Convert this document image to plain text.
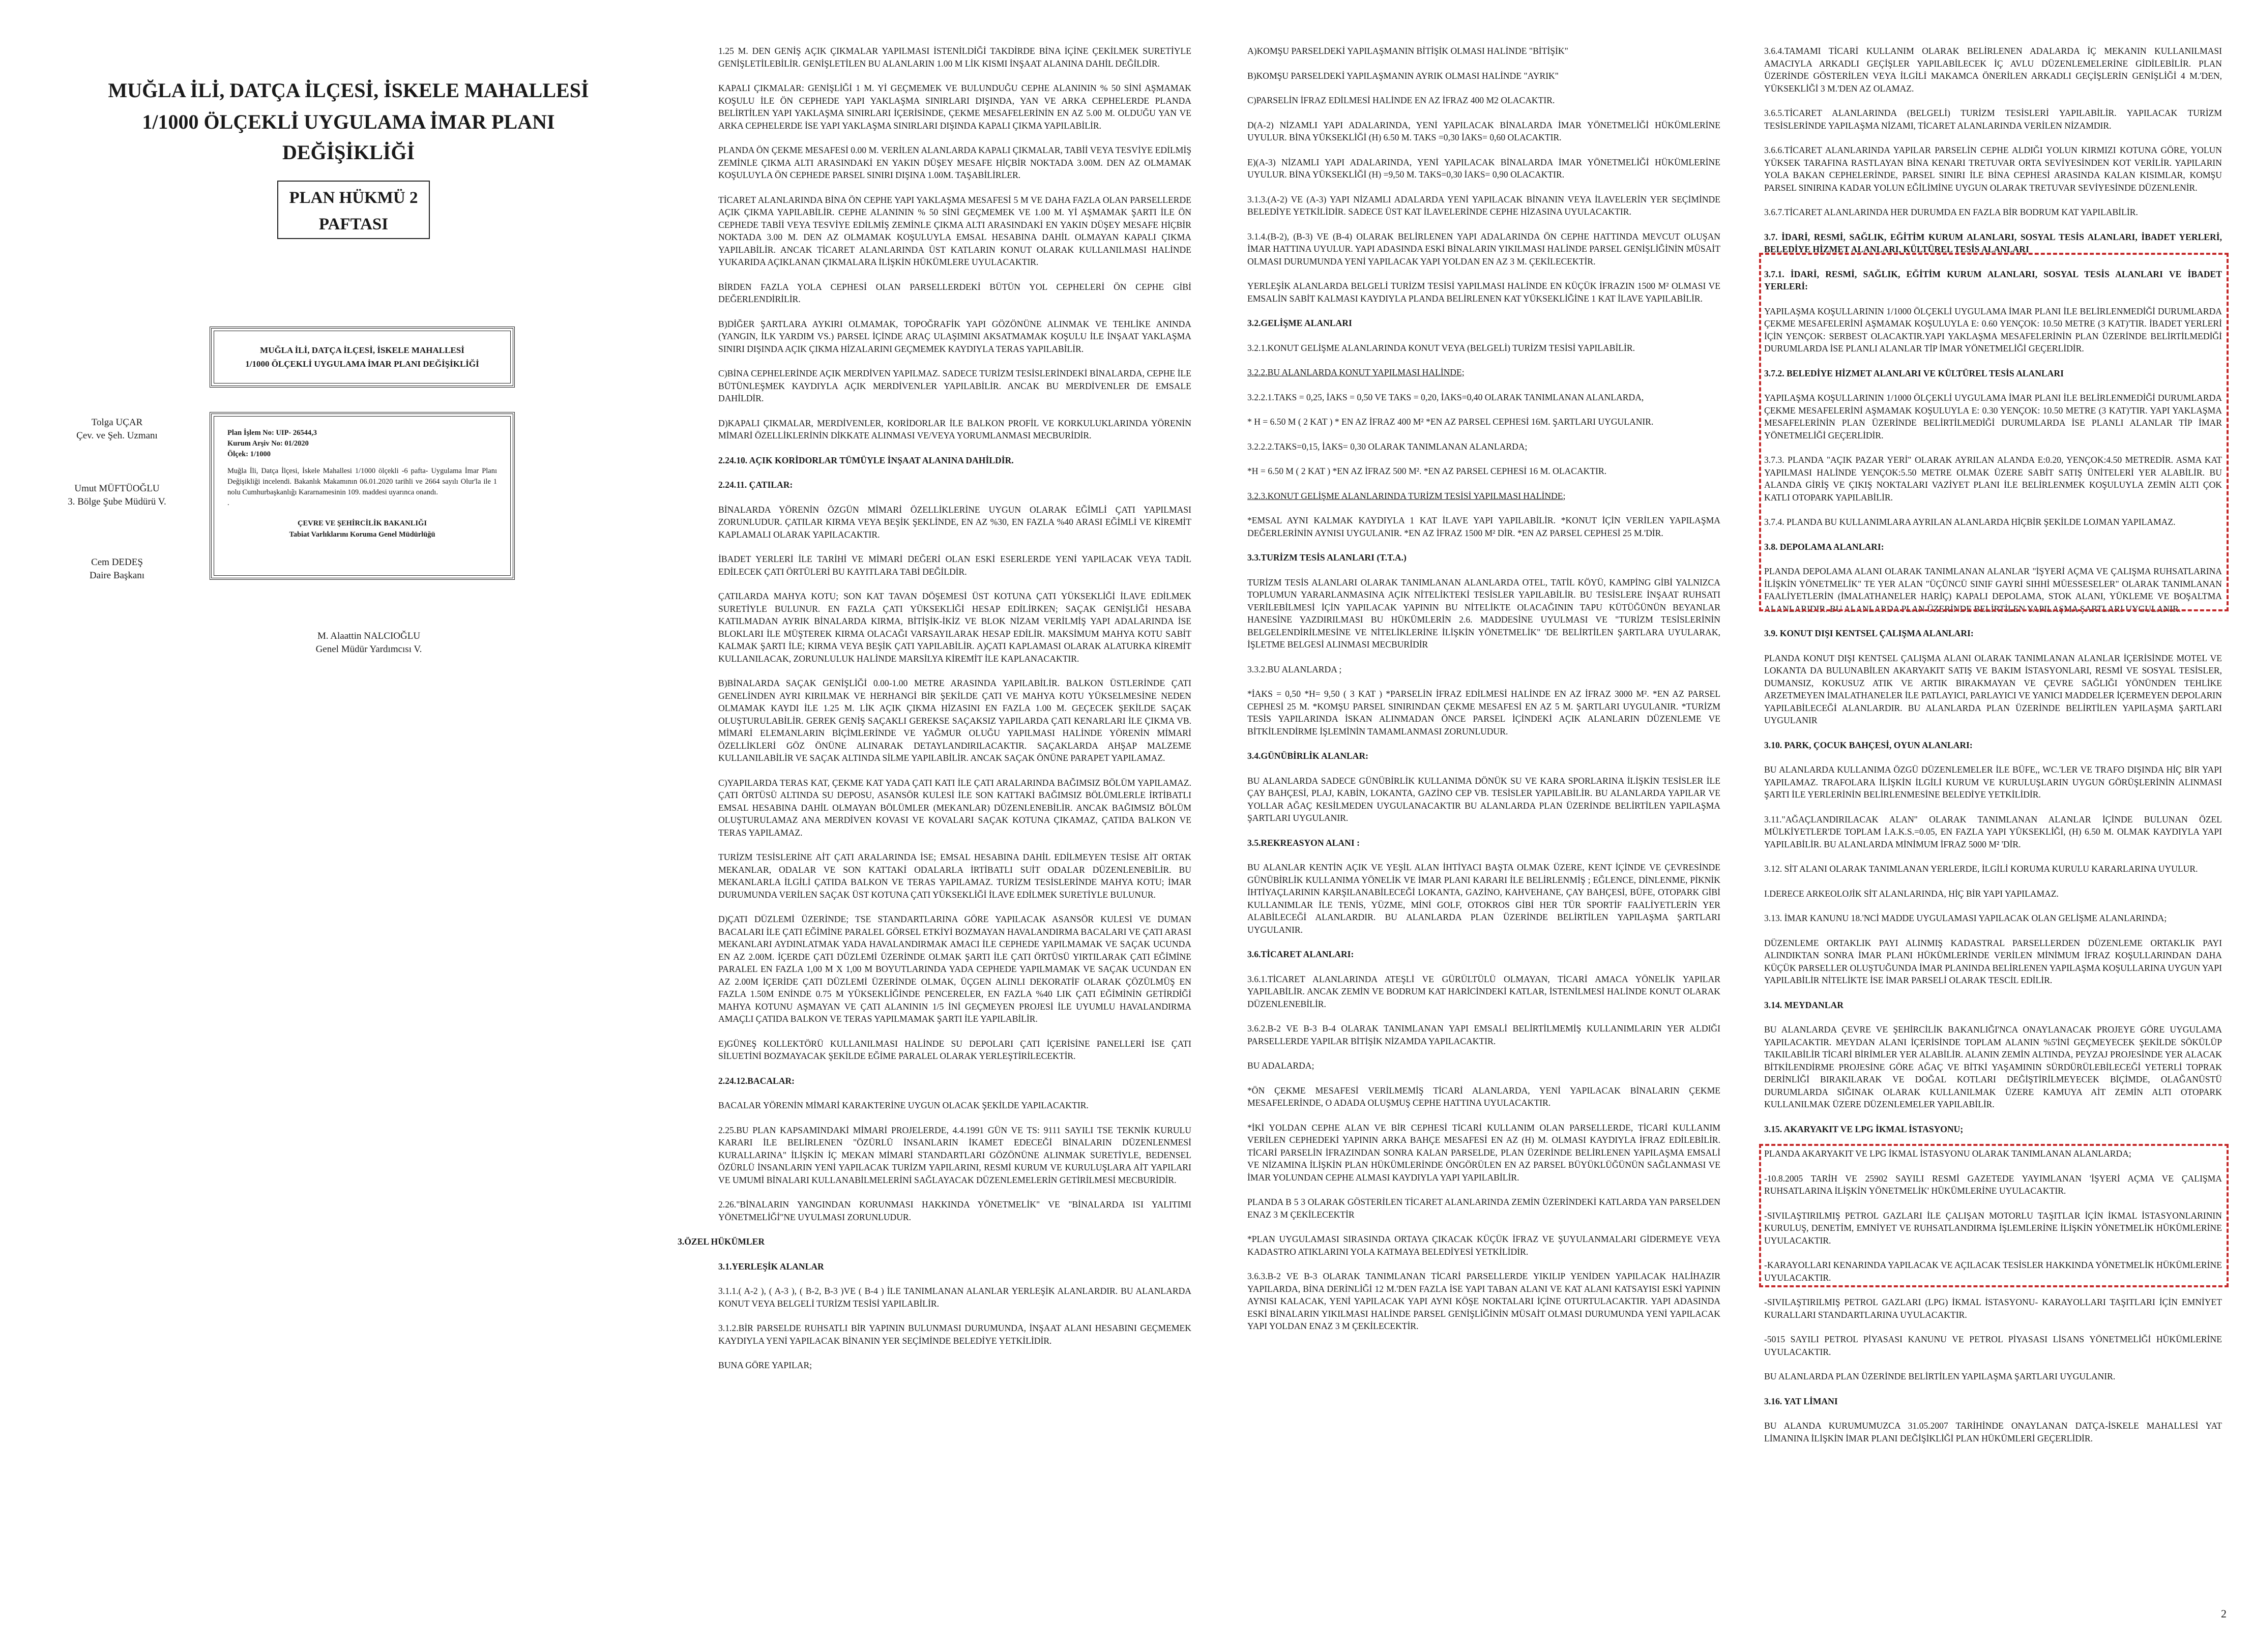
MUĞLA İLİ, DATÇA İLÇESİ, İSKELE MAHALLESİ
1/1000 ÖLÇEKLİ UYGULAMA İMAR PLANI DEĞİŞİKLİĞİ
PLAN HÜKMÜ 2
PAFTASI
MUĞLA İLİ, DATÇA İLÇESİ, İSKELE MAHALLESİ
1/1000 ÖLÇEKLİ UYGULAMA İMAR PLANI DEĞİŞİKLİĞİ
Plan İşlem No: UIP- 26544,3
Kurum Arşiv No: 01/2020
Ölçek: 1/1000
Muğla İli, Datça İlçesi, İskele Mahallesi 1/1000 ölçekli -6 pafta- Uygulama İmar Planı Değişikliği incelendi. Bakanlık Makamının 06.01.2020 tarihli ve 2664 sayılı Olur'la ile 1 nolu Cumhurbaşkanlığı Kararnamesinin 109. maddesi uyarınca onandı.
.
ÇEVRE VE ŞEHİRCİLİK BAKANLIĞI
Tabiat Varlıklarını Koruma Genel Müdürlüğü
Tolga UÇAR
Çev. ve Şeh. Uzmanı
Umut MÜFTÜOĞLU
3. Bölge Şube Müdürü V.
Cem DEDEŞ
Daire Başkanı
M. Alaattin NALCIOĞLU
Genel Müdür Yardımcısı V.

1.25 M. DEN GENİŞ AÇIK ÇIKMALAR YAPILMASI İSTENİLDİĞİ TAKDİRDE BİNA İÇİNE ÇEKİLMEK SURETİYLE GENİŞLETİLEBİLİR. GENİŞLETİLEN BU ALANLARIN 1.00 M LİK KISMI İNŞAAT ALANINA DAHİL DEĞİLDİR.

KAPALI ÇIKMALAR: GENİŞLİĞİ 1 M. Yİ GEÇMEMEK VE BULUNDUĞU CEPHE ALANININ % 50 SİNİ AŞMAMAK KOŞULU İLE ÖN CEPHEDE YAPI YAKLAŞMA SINIRLARI DIŞINDA, YAN VE ARKA CEPHELERDE PLANDA BELİRTİLEN YAPI YAKLAŞMA SINIRLARI İÇERİSİNDE, ÇEKME MESAFELERİNİN EN AZ 5.00 M. OLDUĞU YAN VE ARKA CEPHELERDE İSE YAPI YAKLAŞMA SINIRLARI DIŞINDA KAPALI ÇIKMA YAPILABİLİR.

PLANDA ÖN ÇEKME MESAFESİ 0.00 M. VERİLEN ALANLARDA KAPALI ÇIKMALAR, TABİİ VEYA TESVİYE EDİLMİŞ ZEMİNLE ÇIKMA ALTI ARASINDAKİ EN YAKIN DÜŞEY MESAFE HİÇBİR NOKTADA 3.00M. DEN AZ OLMAMAK KOŞULUYLA ÖN CEPHEDE PARSEL SINIRI DIŞINA 1.00M. TAŞABİLİRLER.

TİCARET ALANLARINDA BİNA ÖN CEPHE YAPI YAKLAŞMA MESAFESİ 5 M VE DAHA FAZLA OLAN PARSELLERDE AÇIK ÇIKMA YAPILABİLİR. CEPHE ALANININ % 50 SİNİ GEÇMEMEK VE 1.00 M. Yİ AŞMAMAK ŞARTI İLE ÖN CEPHEDE TABİİ VEYA TESVİYE EDİLMİŞ ZEMİNLE ÇIKMA ALTI ARASINDAKİ EN YAKIN DÜŞEY MESAFE HİÇBİR NOKTADA 3.00 M. DEN AZ OLMAMAK KOŞULUYLA EMSAL HESABINA DAHİL OLMAYAN KAPALI ÇIKMA YAPILABİLİR. ANCAK TİCARET ALANLARINDA ÜST KATLARIN KONUT OLARAK KULLANILMASI HALİNDE YUKARIDA AÇIKLANAN ÇIKMALARA İLİŞKİN HÜKÜMLERE UYULACAKTIR.

BİRDEN FAZLA YOLA CEPHESİ OLAN PARSELLERDEKİ BÜTÜN YOL CEPHELERİ ÖN CEPHE GİBİ DEĞERLENDİRİLİR.

B)DİĞER ŞARTLARA AYKIRI OLMAMAK, TOPOĞRAFİK YAPI GÖZÖNÜNE ALINMAK VE TEHLİKE ANINDA (YANGIN, İLK YARDIM VS.) PARSEL İÇİNDE ARAÇ ULAŞIMINI AKSATMAMAK KOŞULU İLE İNŞAAT YAKLAŞMA SINIRI DIŞINDA AÇIK ÇIKMA HİZALARINI GEÇMEMEK KAYDIYLA TERAS YAPILABİLİR.

C)BİNA CEPHELERİNDE AÇIK MERDİVEN YAPILMAZ. SADECE TURİZM TESİSLERİNDEKİ BİNALARDA, CEPHE İLE BÜTÜNLEŞMEK KAYDIYLA AÇIK MERDİVENLER YAPILABİLİR. ANCAK BU MERDİVENLER DE EMSALE DAHİLDİR.

D)KAPALI ÇIKMALAR, MERDİVENLER, KORİDORLAR İLE BALKON PROFİL VE KORKULUKLARINDA YÖRENİN MİMARİ ÖZELLİKLERİNİN DİKKATE ALINMASI VE/VEYA YORUMLANMASI MECBURİDİR.

2.24.10. AÇIK KORİDORLAR TÜMÜYLE İNŞAAT ALANINA DAHİLDİR.

2.24.11. ÇATILAR:

BİNALARDA YÖRENİN ÖZGÜN MİMARİ ÖZELLİKLERİNE UYGUN OLARAK EĞİMLİ ÇATI YAPILMASI ZORUNLUDUR. ÇATILAR KIRMA VEYA BEŞİK ŞEKLİNDE, EN AZ %30, EN FAZLA %40 ARASI EĞİMLİ VE KİREMİT KAPLAMALI OLARAK YAPILACAKTIR.

İBADET YERLERİ İLE TARİHİ VE MİMARİ DEĞERİ OLAN ESKİ ESERLERDE YENİ YAPILACAK VEYA TADİL EDİLECEK ÇATI ÖRTÜLERİ BU KAYITLARA TABİ DEĞİLDİR.

ÇATILARDA MAHYA KOTU; SON KAT TAVAN DÖŞEMESİ ÜST KOTUNA ÇATI YÜKSEKLİĞİ İLAVE EDİLMEK SURETİYLE BULUNUR. EN FAZLA ÇATI YÜKSEKLİĞİ HESAP EDİLİRKEN; SAÇAK GENİŞLİĞİ HESABA KATILMADAN AYRIK BİNALARDA KIRMA, BİTİŞİK-İKİZ VE BLOK NİZAM VERİLMİŞ YAPI ADALARINDA İSE BLOKLARI İLE MÜŞTEREK KIRMA OLACAĞI VARSAYILARAK HESAP EDİLİR. MAKSİMUM MAHYA KOTU SABİT KALMAK ŞARTI İLE; KIRMA VEYA BEŞİK ÇATI YAPILABİLİR. A)ÇATI KAPLAMASI OLARAK ALATURKA KİREMİT KULLANILACAK, ZORUNLULUK HALİNDE MARSİLYA KİREMİT İLE KAPLANACAKTIR.

B)BİNALARDA SAÇAK GENİŞLİĞİ 0.00-1.00 METRE ARASINDA YAPILABİLİR. BALKON ÜSTLERİNDE ÇATI GENELİNDEN AYRI KIRILMAK VE HERHANGİ BİR ŞEKİLDE ÇATI VE MAHYA KOTU YÜKSELMESİNE NEDEN OLMAMAK KAYDI İLE 1.25 M. LİK AÇIK ÇIKMA HİZASINI EN FAZLA 1.00 M. GEÇECEK ŞEKİLDE SAÇAK OLUŞTURULABİLİR. GEREK GENİŞ SAÇAKLI GEREKSE SAÇAKSIZ YAPILARDA ÇATI KENARLARI İLE ÇIKMA VB. MİMARİ ELEMANLARIN BİÇİMLERİNDE VE YAĞMUR OLUĞU YAPILMASI HALİNDE YÖRENİN MİMARİ ÖZELLİKLERİ GÖZ ÖNÜNE ALINARAK DETAYLANDIRILACAKTIR. SAÇAKLARDA AHŞAP MALZEME KULLANILABİLİR VE SAÇAK ALTINDA SİLME YAPILABİLİR. ANCAK SAÇAK ÖNÜNE PARAPET YAPILAMAZ.

C)YAPILARDA TERAS KAT, ÇEKME KAT YADA ÇATI KATI İLE ÇATI ARALARINDA BAĞIMSIZ BÖLÜM YAPILAMAZ. ÇATI ÖRTÜSÜ ALTINDA SU DEPOSU, ASANSÖR KULESİ İLE SON KATTAKİ BAĞIMSIZ BÖLÜMLERLE İRTİBATLI EMSAL HESABINA DAHİL OLMAYAN BÖLÜMLER (MEKANLAR) DÜZENLENEBİLİR. ANCAK BAĞIMSIZ BÖLÜM OLUŞTURULAMAZ ANA MERDİVEN KOVASI VE KOVALARI SAÇAK KOTUNA ÇIKAMAZ, ÇATIDA BALKON VE TERAS YAPILAMAZ.

TURİZM TESİSLERİNE AİT ÇATI ARALARINDA İSE; EMSAL HESABINA DAHİL EDİLMEYEN TESİSE AİT ORTAK MEKANLAR, ODALAR VE SON KATTAKİ ODALARLA İRTİBATLI SUİT ODALAR DÜZENLENEBİLİR. BU MEKANLARLA İLGİLİ ÇATIDA BALKON VE TERAS YAPILAMAZ. TURİZM TESİSLERİNDE MAHYA KOTU; İMAR DURUMUNDA VERİLEN SAÇAK ÜST KOTUNA ÇATI YÜKSEKLİĞİ İLAVE EDİLMEK SURETİYLE BULUNUR.

D)ÇATI DÜZLEMİ ÜZERİNDE; TSE STANDARTLARINA GÖRE YAPILACAK ASANSÖR KULESİ VE DUMAN BACALARI İLE ÇATI EĞİMİNE PARALEL GÖRSEL ETKİYİ BOZMAYAN HAVALANDIRMA BACALARI VE ÇATI ARASI MEKANLARI AYDINLATMAK YADA HAVALANDIRMAK AMACI İLE CEPHEDE YAPILMAMAK VE SAÇAK UCUNDA EN AZ 2.00M. İÇERDE ÇATI DÜZLEMİ ÜZERİNDE OLMAK ŞARTI İLE ÇATI ÖRTÜSÜ YIRTILARAK ÇATI EĞİMİNE PARALEL EN FAZLA 1,00 M X 1,00 M BOYUTLARINDA YADA CEPHEDE YAPILMAMAK VE SAÇAK UCUNDAN EN AZ 2.00M İÇERİDE ÇATI DÜZLEMİ ÜZERİNDE OLMAK, ÜÇGEN ALINLI DEKORATİF OLARAK ÇÖZÜLMÜŞ EN FAZLA 1.50M ENİNDE 0.75 M YÜKSEKLİĞİNDE PENCERELER, EN FAZLA %40 LIK ÇATI EĞİMİNİN GETİRDİĞİ MAHYA KOTUNU AŞMAYAN VE ÇATI ALANININ 1/5 İNİ GEÇMEYEN PROJESİ İLE UYUMLU HAVALANDIRMA AMAÇLI ÇATIDA BALKON VE TERAS YAPILMAMAK ŞARTI İLE YAPILABİLİR.

E)GÜNEŞ KOLLEKTÖRÜ KULLANILMASI HALİNDE SU DEPOLARI ÇATI İÇERİSİNE PANELLERİ İSE ÇATI SİLUETİNİ BOZMAYACAK ŞEKİLDE EĞİME PARALEL OLARAK YERLEŞTİRİLECEKTİR.

2.24.12.BACALAR:

BACALAR YÖRENİN MİMARİ KARAKTERİNE UYGUN OLACAK ŞEKİLDE YAPILACAKTIR.

2.25.BU PLAN KAPSAMINDAKİ MİMARİ PROJELERDE, 4.4.1991 GÜN VE TS: 9111 SAYILI TSE TEKNİK KURULU KARARI İLE BELİRLENEN "ÖZÜRLÜ İNSANLARIN İKAMET EDECEĞİ BİNALARIN DÜZENLENMESİ KURALLARINA" İLİŞKİN İÇ MEKAN MİMARİ STANDARTLARI GÖZÖNÜNE ALINMAK SURETİYLE, BEDENSEL ÖZÜRLÜ İNSANLARIN YENİ YAPILACAK TURİZM YAPILARINI, RESMİ KURUM VE KURULUŞLARA AİT YAPILARI VE UMUMİ BİNALARI KULLANABİLMELERİNİ SAĞLAYACAK DÜZENLEMELERİN GETİRİLMESİ MECBURİDİR.

2.26."BİNALARIN YANGINDAN KORUNMASI HAKKINDA YÖNETMELİK" VE "BİNALARDA ISI YALITIMI YÖNETMELİĞİ"NE UYULMASI ZORUNLUDUR.

3.ÖZEL HÜKÜMLER

3.1.YERLEŞİK ALANLAR

3.1.1.( A-2 ), ( A-3 ), ( B-2, B-3 )VE ( B-4 ) İLE TANIMLANAN ALANLAR YERLEŞİK ALANLARDIR. BU ALANLARDA KONUT VEYA BELGELİ TURİZM TESİSİ YAPILABİLİR.

3.1.2.BİR PARSELDE RUHSATLI BİR YAPININ BULUNMASI DURUMUNDA, İNŞAAT ALANI HESABINI GEÇMEMEK KAYDIYLA YENİ YAPILACAK BİNANIN YER SEÇİMİNDE BELEDİYE YETKİLİDİR.

BUNA GÖRE YAPILAR;

A)KOMŞU PARSELDEKİ YAPILAŞMANIN BİTİŞİK OLMASI HALİNDE "BİTİŞİK"

B)KOMŞU PARSELDEKİ YAPILAŞMANIN AYRIK OLMASI HALİNDE "AYRIK"

C)PARSELİN İFRAZ EDİLMESİ HALİNDE EN AZ İFRAZ 400 M2 OLACAKTIR.

D(A-2) NİZAMLI YAPI ADALARINDA, YENİ YAPILACAK BİNALARDA İMAR YÖNETMELİĞİ HÜKÜMLERİNE UYULUR. BİNA YÜKSEKLİĞİ (H) 6.50 M. TAKS =0,30 İAKS= 0,60 OLACAKTIR.

E)(A-3) NİZAMLI YAPI ADALARINDA, YENİ YAPILACAK BİNALARDA İMAR YÖNETMELİĞİ HÜKÜMLERİNE UYULUR. BİNA YÜKSEKLİĞİ (H) =9,50 M. TAKS=0,30 İAKS= 0,90 OLACAKTIR.

3.1.3.(A-2) VE (A-3) YAPI NİZAMLI ADALARDA YENİ YAPILACAK BİNANIN VEYA İLAVELERİN YER SEÇİMİNDE BELEDİYE YETKİLİDİR. SADECE ÜST KAT İLAVELERİNDE CEPHE HİZASINA UYULACAKTIR.

3.1.4.(B-2), (B-3) VE (B-4) OLARAK BELİRLENEN YAPI ADALARINDA ÖN CEPHE HATTINDA MEVCUT OLUŞAN İMAR HATTINA UYULUR. YAPI ADASINDA ESKİ BİNALARIN YIKILMASI HALİNDE PARSEL GENİŞLİĞİNİN MÜSAİT OLMASI DURUMUNDA YENİ YAPILACAK YAPI YOLDAN EN AZ 3 M. ÇEKİLECEKTİR.

YERLEŞİK ALANLARDA BELGELİ TURİZM TESİSİ YAPILMASI HALİNDE EN KÜÇÜK İFRAZIN 1500 M² OLMASI VE EMSALİN SABİT KALMASI KAYDIYLA PLANDA BELİRLENEN KAT YÜKSEKLİĞİNE 1 KAT İLAVE YAPILABİLİR.

3.2.GELİŞME ALANLARI

3.2.1.KONUT GELİŞME ALANLARINDA KONUT VEYA (BELGELİ) TURİZM TESİSİ YAPILABİLİR.

3.2.2.BU ALANLARDA KONUT YAPILMASI HALİNDE;

3.2.2.1.TAKS = 0,25, İAKS = 0,50 VE TAKS = 0,20, İAKS=0,40 OLARAK TANIMLANAN ALANLARDA,

* H = 6.50 M ( 2 KAT ) * EN AZ İFRAZ 400 M² *EN AZ PARSEL CEPHESİ 16M. ŞARTLARI UYGULANIR.

3.2.2.2.TAKS=0,15, İAKS= 0,30 OLARAK TANIMLANAN ALANLARDA;

*H = 6.50 M ( 2 KAT ) *EN AZ İFRAZ 500 M². *EN AZ PARSEL CEPHESİ 16 M. OLACAKTIR.

3.2.3.KONUT GELİŞME ALANLARINDA TURİZM TESİSİ YAPILMASI HALİNDE;

*EMSAL AYNI KALMAK KAYDIYLA 1 KAT İLAVE YAPI YAPILABİLİR. *KONUT İÇİN VERİLEN YAPILAŞMA DEĞERLERİNİN AYNISI UYGULANIR. *EN AZ İFRAZ 1500 M² DİR. *EN AZ PARSEL CEPHESİ 25 M.'DİR.

3.3.TURİZM TESİS ALANLARI (T.T.A.)

TURİZM TESİS ALANLARI OLARAK TANIMLANAN ALANLARDA OTEL, TATİL KÖYÜ, KAMPİNG GİBİ YALNIZCA TOPLUMUN YARARLANMASINA AÇIK NİTELİKTEKİ TESİSLER YAPILABİLİR. BU TESİSLERE İNŞAAT RUHSATI VERİLEBİLMESİ İÇİN YAPILACAK YAPININ BU NİTELİKTE OLACAĞININ TAPU KÜTÜĞÜNÜN BEYANLAR HANESİNE YAZDIRILMASI BU HÜKÜMLERİN 2.6. MADDESİNE UYULMASI VE "TURİZM TESİSLERİNİN BELGELENDİRİLMESİNE VE NİTELİKLERİNE İLİŞKİN YÖNETMELİK" 'DE BELİRTİLEN ŞARTLARA UYULARAK, İŞLETME BELGESİ ALINMASI MECBURİDİR

3.3.2.BU ALANLARDA ;

*İAKS = 0,50 *H= 9,50 ( 3 KAT ) *PARSELİN İFRAZ EDİLMESİ HALİNDE EN AZ İFRAZ 3000 M². *EN AZ PARSEL CEPHESİ 25 M. *KOMŞU PARSEL SINIRINDAN ÇEKME MESAFESİ EN AZ 5 M. ŞARTLARI UYGULANIR. *TURİZM TESİS YAPILARINDA İSKAN ALINMADAN ÖNCE PARSEL İÇİNDEKİ AÇIK ALANLARIN DÜZENLEME VE BİTKİLENDİRME İŞLEMİNİN TAMAMLANMASI ZORUNLUDUR.

3.4.GÜNÜBİRLİK ALANLAR:

BU ALANLARDA SADECE GÜNÜBİRLİK KULLANIMA DÖNÜK SU VE KARA SPORLARINA İLİŞKİN TESİSLER İLE ÇAY BAHÇESİ, PLAJ, KABİN, LOKANTA, GAZİNO CEP VB. TESİSLER YAPILABİLİR. BU ALANLARDA YAPILAR VE YOLLAR AĞAÇ KESİLMEDEN UYGULANACAKTIR BU ALANLARDA PLAN ÜZERİNDE BELİRTİLEN YAPILAŞMA ŞARTLARI UYGULANIR.

3.5.REKREASYON ALANI :

BU ALANLAR KENTİN AÇIK VE YEŞİL ALAN İHTİYACI BAŞTA OLMAK ÜZERE, KENT İÇİNDE VE ÇEVRESİNDE GÜNÜBİRLİK KULLANIMA YÖNELİK VE İMAR PLANI KARARI İLE BELİRLENMİŞ ; EĞLENCE, DİNLENME, PİKNİK İHTİYAÇLARININ KARŞILANABİLECEĞİ LOKANTA, GAZİNO, KAHVEHANE, ÇAY BAHÇESİ, BÜFE, OTOPARK GİBİ KULLANIMLAR İLE TENİS, YÜZME, MİNİ GOLF, OTOKROS GİBİ HER TÜR SPORTİF FAALİYETLERİN YER ALABİLECEĞİ ALANLARDIR. BU ALANLARDA PLAN ÜZERİNDE BELİRTİLEN YAPILAŞMA ŞARTLARI UYGULANIR.

3.6.TİCARET ALANLARI:

3.6.1.TİCARET ALANLARINDA ATEŞLİ VE GÜRÜLTÜLÜ OLMAYAN, TİCARİ AMACA YÖNELİK YAPILAR YAPILABİLİR. ANCAK ZEMİN VE BODRUM KAT HARİCİNDEKİ KATLAR, İSTENİLMESİ HALİNDE KONUT OLARAK DÜZENLENEBİLİR.

3.6.2.B-2 VE B-3 B-4 OLARAK TANIMLANAN YAPI EMSALİ BELİRTİLMEMİŞ KULLANIMLARIN YER ALDIĞI PARSELLERDE YAPILAR BİTİŞİK NİZAMDA YAPILACAKTIR.

BU ADALARDA;

*ÖN ÇEKME MESAFESİ VERİLMEMİŞ TİCARİ ALANLARDA, YENİ YAPILACAK BİNALARIN ÇEKME MESAFELERİNDE, O ADADA OLUŞMUŞ CEPHE HATTINA UYULACAKTIR.

*İKİ YOLDAN CEPHE ALAN VE BİR CEPHESİ TİCARİ KULLANIM OLAN PARSELLERDE, TİCARİ KULLANIM VERİLEN CEPHEDEKİ YAPININ ARKA BAHÇE MESAFESİ EN AZ (H) M. OLMASI KAYDIYLA İFRAZ EDİLEBİLİR. TİCARİ PARSELİN İFRAZINDAN SONRA KALAN PARSELDE, PLAN ÜZERİNDE BELİRLENEN YAPILAŞMA EMSALİ VE NİZAMINA İLİŞKİN PLAN HÜKÜMLERİNDE ÖNGÖRÜLEN EN AZ PARSEL BÜYÜKLÜĞÜNÜN SAĞLANMASI VE İMAR YOLUNDAN CEPHE ALMASI KAYDIYLA YAPI YAPILABİLİR.

PLANDA B 5 3 OLARAK GÖSTERİLEN TİCARET ALANLARINDA ZEMİN ÜZERİNDEKİ KATLARDA YAN PARSELDEN ENAZ 3 M ÇEKİLECEKTİR

*PLAN UYGULAMASI SIRASINDA ORTAYA ÇIKACAK KÜÇÜK İFRAZ VE ŞUYULANMALARI GİDERMEYE VEYA KADASTRO ATIKLARINI YOLA KATMAYA BELEDİYESİ YETKİLİDİR.

3.6.3.B-2 VE B-3 OLARAK TANIMLANAN TİCARİ PARSELLERDE YIKILIP YENİDEN YAPILACAK HALİHAZIR YAPILARDA, BİNA DERİNLİĞİ 12 M.'DEN FAZLA İSE YAPI TABAN ALANI VE KAT ALANI KATSAYISI ESKİ YAPININ AYNISI KALACAK, YENİ YAPILACAK YAPI AYNI KÖŞE NOKTALARI İÇİNE OTURTULACAKTIR. YAPI ADASINDA ESKİ BİNALARIN YIKILMASI HALİNDE PARSEL GENİŞLİĞİNİN MÜSAİT OLMASI DURUMUNDA YENİ YAPILACAK YAPI YOLDAN ENAZ 3 M ÇEKİLECEKTİR.

3.6.4.TAMAMI TİCARİ KULLANIM OLARAK BELİRLENEN ADALARDA İÇ MEKANIN KULLANILMASI AMACIYLA ARKADLI GEÇİŞLER YAPILABİLECEK İÇ AVLU DÜZENLEMELERİNE GİDİLEBİLİR. PLAN ÜZERİNDE GÖSTERİLEN VEYA İLGİLİ MAKAMCA ÖNERİLEN ARKADLI GEÇİŞLERİN GENİŞLİĞİ 4 M.'DEN, YÜKSEKLİĞİ 3 M.'DEN AZ OLAMAZ.

3.6.5.TİCARET ALANLARINDA (BELGELİ) TURİZM TESİSLERİ YAPILABİLİR. YAPILACAK TURİZM TESİSLERİNDE YAPILAŞMA NİZAMI, TİCARET ALANLARINDA VERİLEN NİZAMDIR.

3.6.6.TİCARET ALANLARINDA YAPILAR PARSELİN CEPHE ALDIĞI YOLUN KIRMIZI KOTUNA GÖRE, YOLUN YÜKSEK TARAFINA RASTLAYAN BİNA KENARI TRETUVAR ORTA SEVİYESİNDEN KOT VERİLİR. YAPILARIN YOLA BAKAN CEPHELERİNDE, PARSEL SINIRI İLE BİNA CEPHESİ ARASINDA KALAN KISIMLAR, KOMŞU PARSEL SINIRINA KADAR YOLUN EĞİLİMİNE UYGUN OLARAK TRETUVAR SEVİYESİNDE DÜZENLENİR.

3.6.7.TİCARET ALANLARINDA HER DURUMDA EN FAZLA BİR BODRUM KAT YAPILABİLİR.

3.7. İDARİ, RESMİ, SAĞLIK, EĞİTİM KURUM ALANLARI, SOSYAL TESİS ALANLARI, İBADET YERLERİ, BELEDİYE HİZMET ALANLARI, KÜLTÜREL TESİS ALANLARI

3.7.1. İDARİ, RESMİ, SAĞLIK, EĞİTİM KURUM ALANLARI, SOSYAL TESİS ALANLARI VE İBADET YERLERİ:

YAPILAŞMA KOŞULLARININ 1/1000 ÖLÇEKLİ UYGULAMA İMAR PLANI İLE BELİRLENMEDİĞİ DURUMLARDA ÇEKME MESAFELERİNİ AŞMAMAK KOŞULUYLA E: 0.60 YENÇOK: 10.50 METRE (3 KAT)'TIR. İBADET YERLERİ İÇİN YENÇOK: SERBEST OLACAKTIR.YAPI YAKLAŞMA MESAFELERİNİN PLAN ÜZERİNDE BELİRTİLMEDİĞİ DURUMLARDA İSE PLANLI ALANLAR TİP İMAR YÖNETMELİĞİ GEÇERLİDİR.

3.7.2. BELEDİYE HİZMET ALANLARI VE KÜLTÜREL TESİS ALANLARI

YAPILAŞMA KOŞULLARININ 1/1000 ÖLÇEKLİ UYGULAMA İMAR PLANI İLE BELİRLENMEDİĞİ DURUMLARDA ÇEKME MESAFELERİNİ AŞMAMAK KOŞULUYLA E: 0.30 YENÇOK: 10.50 METRE (3 KAT)'TIR. YAPI YAKLAŞMA MESAFELERİNİN PLAN ÜZERİNDE BELİRTİLMEDİĞİ DURUMLARDA İSE PLANLI ALANLAR TİP İMAR YÖNETMELİĞİ GEÇERLİDİR.

3.7.3. PLANDA "AÇIK PAZAR YERİ" OLARAK AYRILAN ALANDA E:0.20, YENÇOK:4.50 METREDİR. ASMA KAT YAPILMASI HALİNDE YENÇOK:5.50 METRE OLMAK ÜZERE SABİT SATIŞ ÜNİTELERİ YER ALABİLİR. BU ALANDA GİRİŞ VE ÇIKIŞ NOKTALARI VAZİYET PLANI İLE BELİRLENMEK KOŞULUYLA ZEMİN ALTI ÇOK KATLI OTOPARK YAPILABİLİR.

3.7.4. PLANDA BU KULLANIMLARA AYRILAN ALANLARDA HİÇBİR ŞEKİLDE LOJMAN YAPILAMAZ.

3.8. DEPOLAMA ALANLARI:

PLANDA DEPOLAMA ALANI OLARAK TANIMLANAN ALANLAR "İŞYERİ AÇMA VE ÇALIŞMA RUHSATLARINA İLİŞKİN YÖNETMELİK" TE YER ALAN "ÜÇÜNCÜ SINIF GAYRİ SIHHİ MÜESSESELER" OLARAK TANIMLANAN FAALİYETLERİN (İMALATHANELER HARİÇ) KAPALI DEPOLAMA, STOK ALANI, YÜKLEME VE BOŞALTMA ALANLARIDIR. BU ALANLARDA PLAN ÜZERİNDE BELİRTİLEN YAPILAŞMA ŞARTLARI UYGULANIR.

3.9. KONUT DIŞI KENTSEL ÇALIŞMA ALANLARI:

PLANDA KONUT DIŞI KENTSEL ÇALIŞMA ALANI OLARAK TANIMLANAN ALANLAR İÇERİSİNDE MOTEL VE LOKANTA DA BULUNABİLEN AKARYAKIT SATIŞ VE BAKIM İSTASYONLARI, RESMİ VE SOSYAL TESİSLER, DUMANSIZ, KOKUSUZ ATIK VE ARTIK BIRAKMAYAN VE ÇEVRE SAĞLIĞI YÖNÜNDEN TEHLİKE ARZETMEYEN İMALATHANELER İLE PATLAYICI, PARLAYICI VE YANICI MADDELER İÇERMEYEN DEPOLARIN YAPILABİLECEĞİ ALANLARDIR. BU ALANLARDA PLAN ÜZERİNDE BELİRTİLEN YAPILAŞMA ŞARTLARI UYGULANIR

3.10. PARK, ÇOCUK BAHÇESİ, OYUN ALANLARI:

BU ALANLARDA KULLANIMA ÖZGÜ DÜZENLEMELER İLE BÜFE,, WC.'LER VE TRAFO DIŞINDA HİÇ BİR YAPI YAPILAMAZ. TRAFOLARA İLİŞKİN İLGİLİ KURUM VE KURULUŞLARIN UYGUN GÖRÜŞLERİNİN ALINMASI ŞARTI İLE YERLERİNİN BELİRLENMESİNE BELEDİYE YETKİLİDİR.

3.11."AĞAÇLANDIRILACAK ALAN" OLARAK TANIMLANAN ALANLAR İÇİNDE BULUNAN ÖZEL MÜLKİYETLER'DE TOPLAM İ.A.K.S.=0.05, EN FAZLA YAPI YÜKSEKLİĞİ, (H) 6.50 M. OLMAK KAYDIYLA YAPI YAPILABİLİR. BU ALANLARDA MİNİMUM İFRAZ 5000 M² 'DİR.

3.12. SİT ALANI OLARAK TANIMLANAN YERLERDE, İLGİLİ KORUMA KURULU KARARLARINA UYULUR.

I.DERECE ARKEOLOJİK SİT ALANLARINDA, HİÇ BİR YAPI YAPILAMAZ.

3.13. İMAR KANUNU 18.'NCİ MADDE UYGULAMASI YAPILACAK OLAN GELİŞME ALANLARINDA;

DÜZENLEME ORTAKLIK PAYI ALINMIŞ KADASTRAL PARSELLERDEN DÜZENLEME ORTAKLIK PAYI ALINDIKTAN SONRA İMAR PLANI HÜKÜMLERİNDE VERİLEN MİNİMUM İFRAZ KOŞULLARINDAN DAHA KÜÇÜK PARSELLER OLUŞTUĞUNDA İMAR PLANINDA BELİRLENEN YAPILAŞMA KOŞULLARINA UYGUN YAPI YAPILABİLİR NİTELİKTE İSE İMAR PARSELİ OLARAK TESCİL EDİLİR.

3.14. MEYDANLAR

BU ALANLARDA ÇEVRE VE ŞEHİRCİLİK BAKANLIĞI'NCA ONAYLANACAK PROJEYE GÖRE UYGULAMA YAPILACAKTIR. MEYDAN ALANI İÇERİSİNDE TOPLAM ALANIN %5'İNİ GEÇMEYECEK ŞEKİLDE SÖKÜLÜP TAKILABİLİR TİCARİ BİRİMLER YER ALABİLİR. ALANIN ZEMİN ALTINDA, PEYZAJ PROJESİNDE YER ALACAK BİTKİLENDİRME PROJESİNE GÖRE AĞAÇ VE BİTKİ YAŞAMININ SÜRDÜRÜLEBİLECEĞİ YETERLİ TOPRAK DERİNLİĞİ BIRAKILARAK VE DOĞAL KOTLARI DEĞİŞTİRİLMEYECEK BİÇİMDE, OLAĞANÜSTÜ DURUMLARDA SIĞINAK OLARAK KULLANILMAK ÜZERE KAMUYA AİT ZEMİN ALTI OTOPARK KULLANILMAK ÜZERE DÜZENLEMELER YAPILABİLİR.

3.15. AKARYAKIT VE LPG İKMAL İSTASYONU;

PLANDA AKARYAKIT VE LPG İKMAL İSTASYONU OLARAK TANIMLANAN ALANLARDA;

-10.8.2005 TARİH VE 25902 SAYILI RESMİ GAZETEDE YAYIMLANAN 'İŞYERİ AÇMA VE ÇALIŞMA RUHSATLARINA İLİŞKİN YÖNETMELİK' HÜKÜMLERİNE UYULACAKTIR.

-SIVILAŞTIRILMIŞ PETROL GAZLARI İLE ÇALIŞAN MOTORLU TAŞITLAR İÇİN İKMAL İSTASYONLARININ KURULUŞ, DENETİM, EMNİYET VE RUHSATLANDIRMA İŞLEMLERİNE İLİŞKİN YÖNETMELİK HÜKÜMLERİNE UYULACAKTIR.

-KARAYOLLARI KENARINDA YAPILACAK VE AÇILACAK TESİSLER HAKKINDA YÖNETMELİK HÜKÜMLERİNE UYULACAKTIR.

-SIVILAŞTIRILMIŞ PETROL GAZLARI (LPG) İKMAL İSTASYONU- KARAYOLLARI TAŞITLARI İÇİN EMNİYET KURALLARI STANDARTLARINA UYULACAKTIR.

-5015 SAYILI PETROL PİYASASI KANUNU VE PETROL PİYASASI LİSANS YÖNETMELİĞİ HÜKÜMLERİNE UYULACAKTIR.

BU ALANLARDA PLAN ÜZERİNDE BELİRTİLEN YAPILAŞMA ŞARTLARI UYGULANIR.

3.16. YAT LİMANI

BU ALANDA KURUMUMUZCA 31.05.2007 TARİHİNDE ONAYLANAN DATÇA-İSKELE MAHALLESİ YAT LİMANINA İLİŞKİN İMAR PLANI DEĞİŞİKLİĞİ PLAN HÜKÜMLERİ GEÇERLİDİR.

2
